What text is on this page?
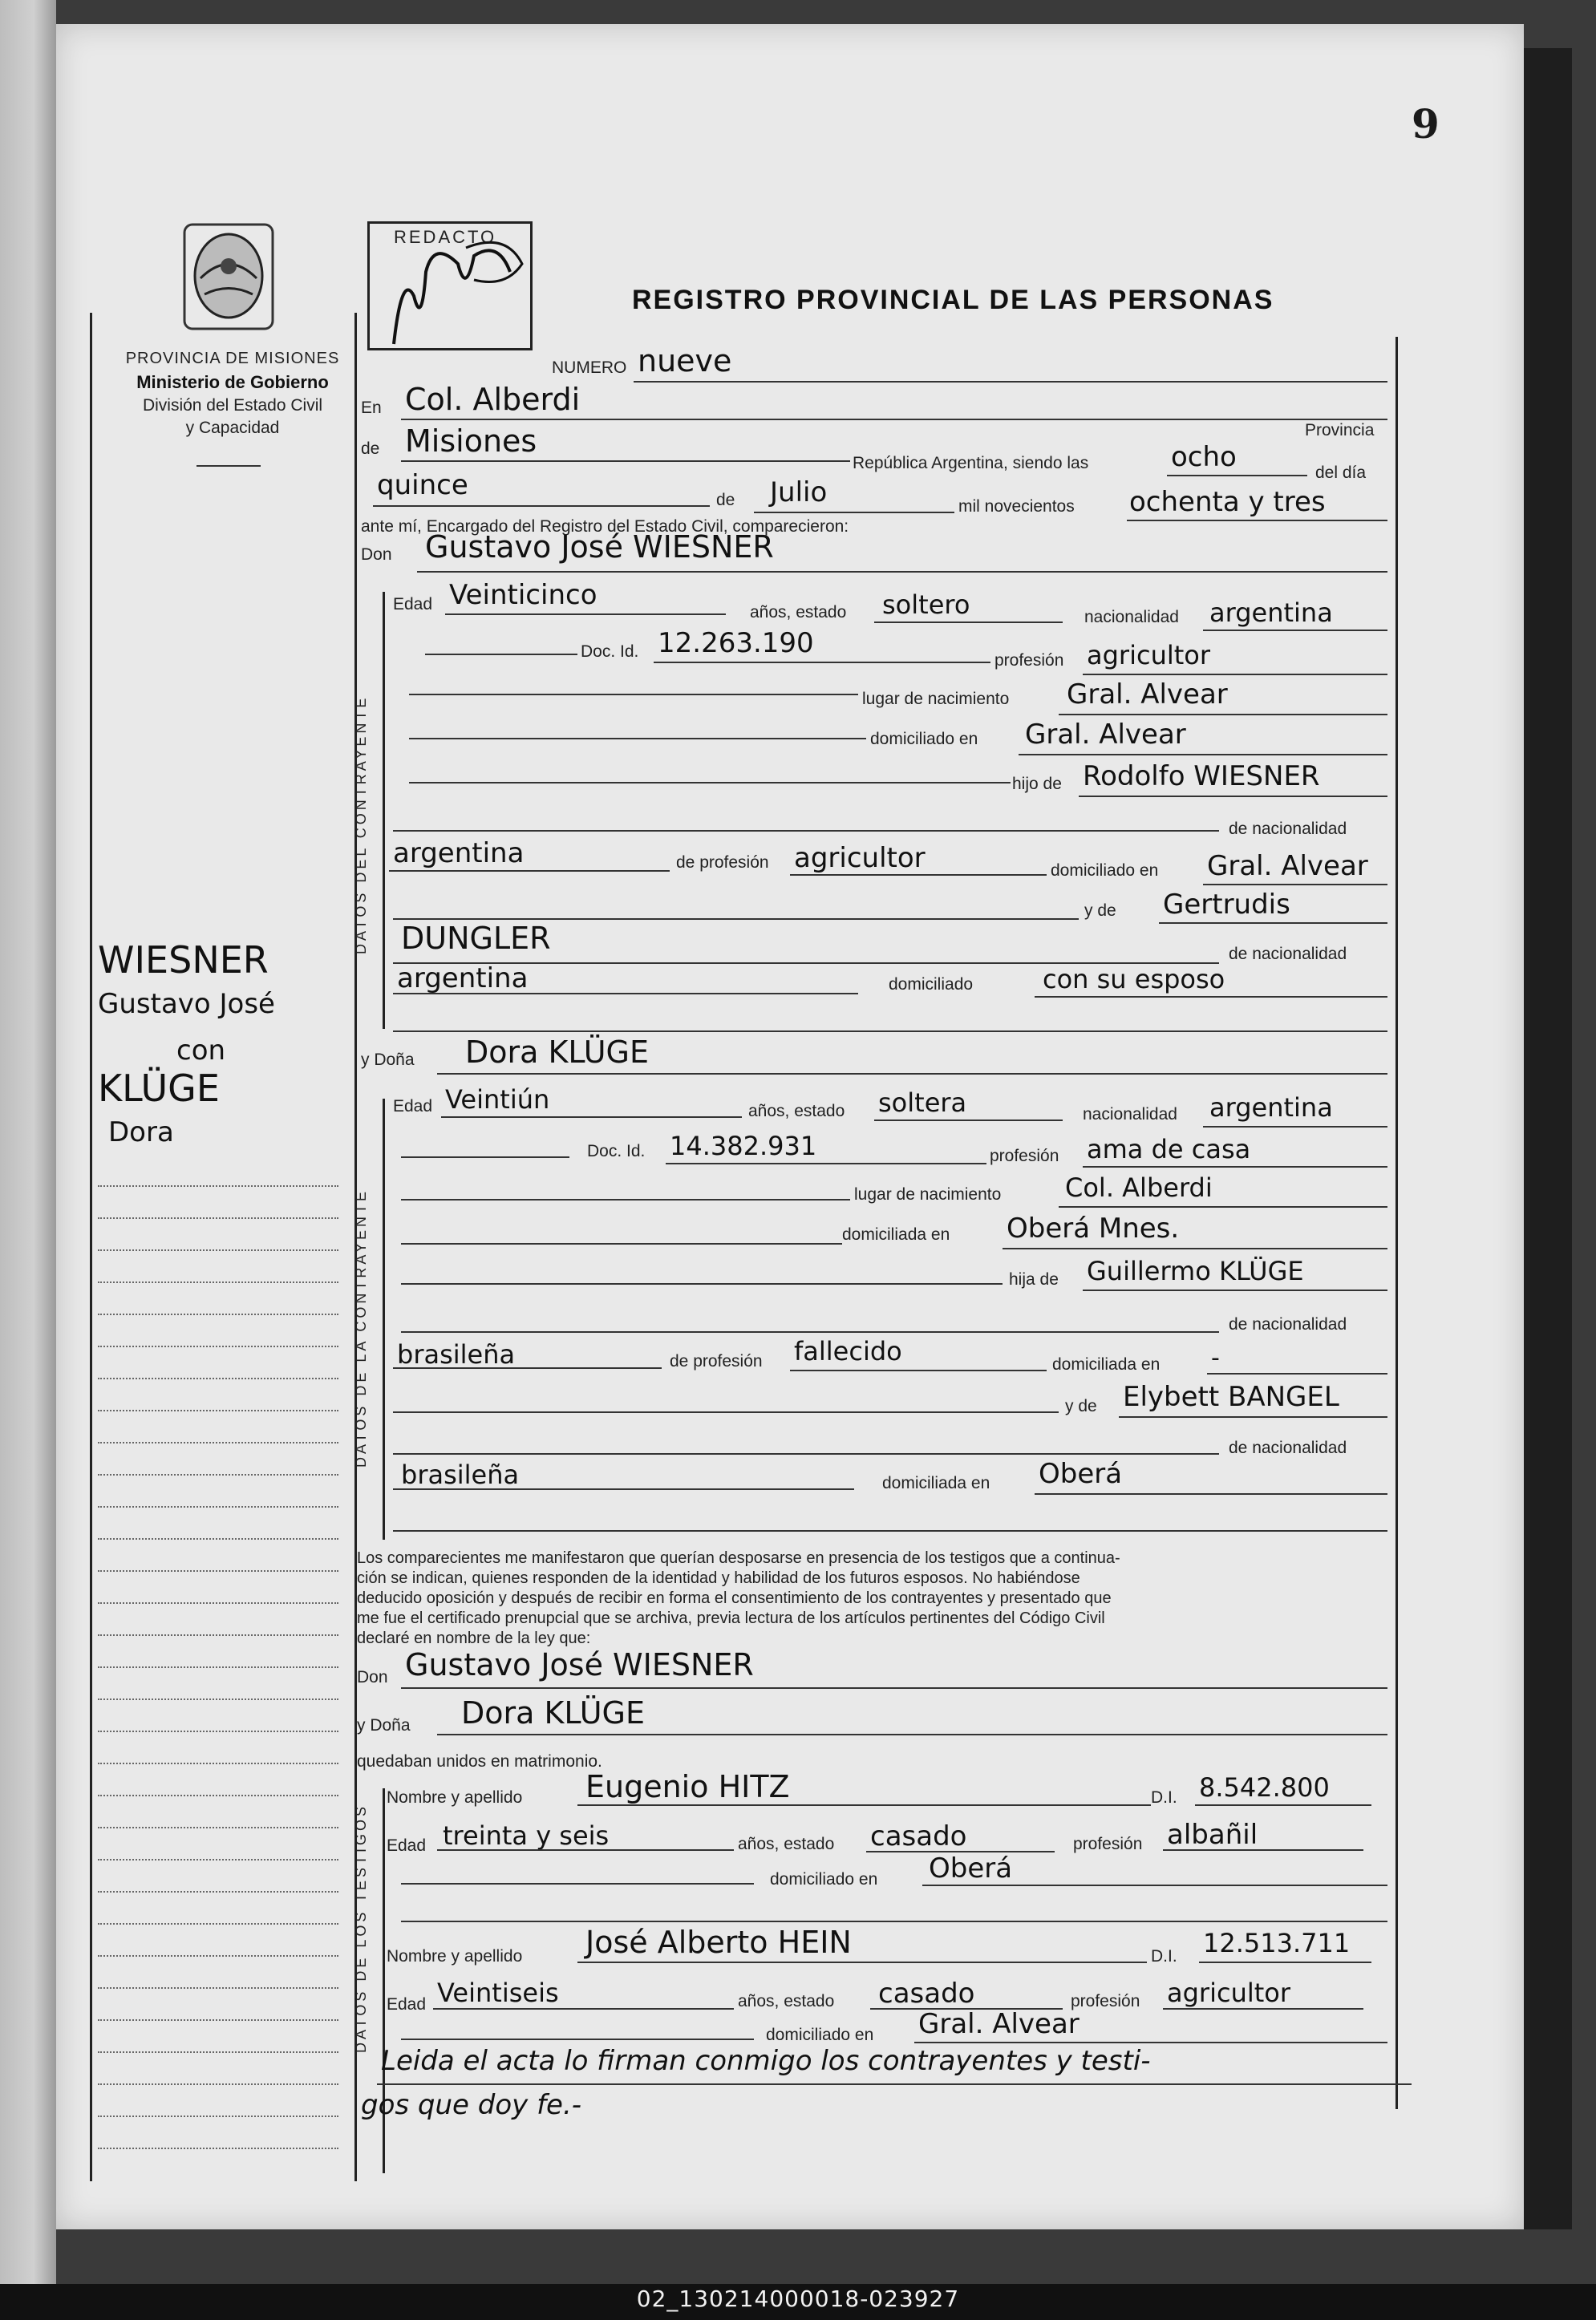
9
PROVINCIA DE MISIONES
Ministerio de Gobierno
División del Estado Civil
y Capacidad
REDACTO
REGISTRO PROVINCIAL DE LAS PERSONAS
NUMERO nueve
En Col. Alberdi
Provincia
de Misiones
República Argentina, siendo las	ocho	del día
quince	de Julio	mil novecientos ochenta y tres
ante mí, Encargado del Registro del Estado Civil, comparecieron:
Don Gustavo José WIESNER
DATOS DEL CONTRAYENTE
Edad Veinticinco
años, estado soltero	nacionalidad argentina
Doc. Id. 12.263.190
profesión agricultor
lugar de nacimiento Gral. Alvear
domiciliado en Gral. Alvear
hijo de Rodolfo WIESNER
de nacionalidad
argentina	de profesión agricultor	domiciliado en Gral. Alvear
y de Gertrudis
DUNGLER	de nacionalidad
argentina	domiciliado	con su esposo
y Doña Dora KLÜGE
DATOS DE LA CONTRAYENTE
Edad Veintiún	años, estado soltera	nacionalidad argentina
Doc. Id. 14.382.931	profesión ama de casa
lugar de nacimiento Col. Alberdi
domiciliada en Oberá Mnes.
hija de Guillermo KLÜGE
de nacionalidad
brasileña	de profesión fallecido	domiciliada en -
y de Elybett BANGEL
de nacionalidad
brasileña	domiciliada en Oberá
Los comparecientes me manifestaron que querían desposarse en presencia de los testigos que a continua-
ción se indican, quienes responden de la identidad y habilidad de los futuros esposos. No habiéndose
deducido oposición y después de recibir en forma el consentimiento de los contrayentes y presentado que
me fue el certificado prenupcial que se archiva, previa lectura de los artículos pertinentes del Código Civil
declaré en nombre de la ley que:
Don Gustavo José WIESNER
y Doña Dora KLÜGE
quedaban unidos en matrimonio.
DATOS DE LOS TESTIGOS
Nombre y apellido Eugenio HITZ	D.I. 8.542.800
Edad treinta y seis	años, estado casado	profesión albañil
domiciliado en Oberá
Nombre y apellido José Alberto HEIN	D.I. 12.513.711
Edad Veintiseis	años, estado casado	profesión agricultor
domiciliado en Gral. Alvear
Leida el acta lo firman conmigo los contrayentes y testi-
gos que doy fe.-
WIESNER
Gustavo José
con
KLÜGE
Dora
02_130214000018-023927
